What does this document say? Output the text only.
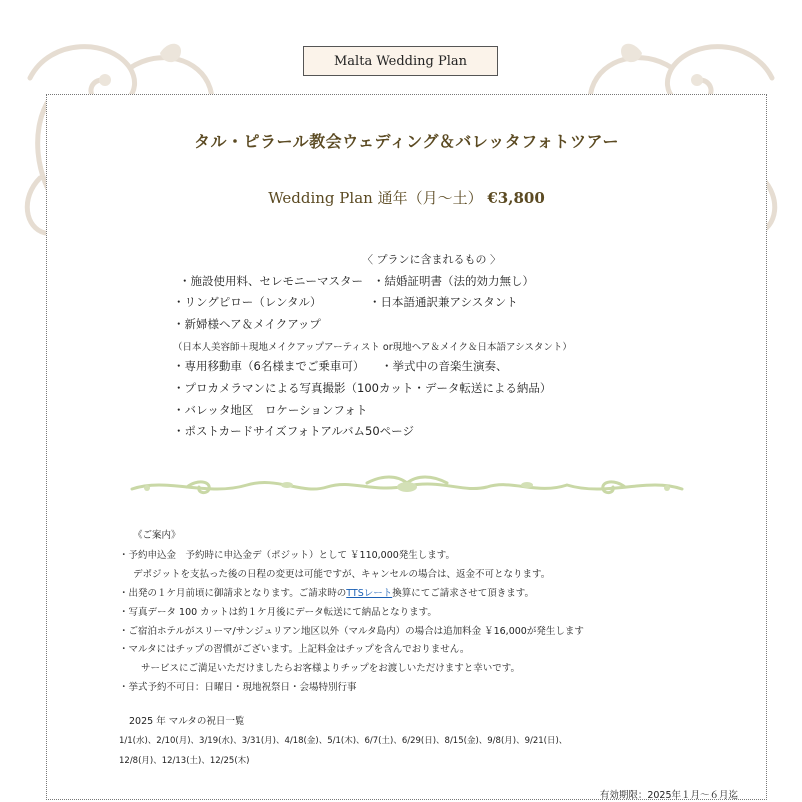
Malta Wedding Plan
タル・ピラール教会ウェディング＆バレッタフォトツアー
Wedding Plan 通年（月〜土） €3,800
〈 プランに含まれるもの 〉
・施設使用料、セレモニーマスター ・結婚証明書（法的効力無し）
・リングピロー（レンタル）	・日本語通訳兼アシスタント
・新婦様ヘア＆メイクアップ
（日本人美容師＋現地メイクアップアーティスト or現地ヘア＆メイク＆日本語アシスタント）
・専用移動車（6名様までご乗車可） ・挙式中の音楽生演奏、
・プロカメラマンによる写真撮影（100カット・データ転送による納品）
・バレッタ地区　ロケーションフォト
・ポストカードサイズフォトアルバム50ページ
《ご案内》
・予約申込金　予約時に申込金デ（ポジット）として ￥110,000発生します。
デポジットを支払った後の日程の変更は可能ですが、キャンセルの場合は、返金不可となります。
・出発の１ケ月前頃に御請求となります。ご請求時のTTSレート換算にてご請求させて頂きます。
・写真データ 100 カットは約１ケ月後にデータ転送にて納品となります。
・ご宿泊ホテルがスリーマ/サンジュリアン地区以外（マルタ島内）の場合は追加料金 ￥16,000が発生します
・マルタにはチップの習慣がございます。上記料金はチップを含んでおりません。
サービスにご満足いただけましたらお客様よりチップをお渡しいただけますと幸いです。
・挙式予約不可日：日曜日・現地祝祭日・会場特別行事
2025 年 マルタの祝日一覧
1/1(水)、2/10(月)、3/19(水)、3/31(月)、4/18(金)、5/1(木)、6/7(土)、6/29(日)、8/15(金)、9/8(月)、9/21(日)、
12/8(月)、12/13(土)、12/25(木)
有効期限：2025年１月〜６月迄
